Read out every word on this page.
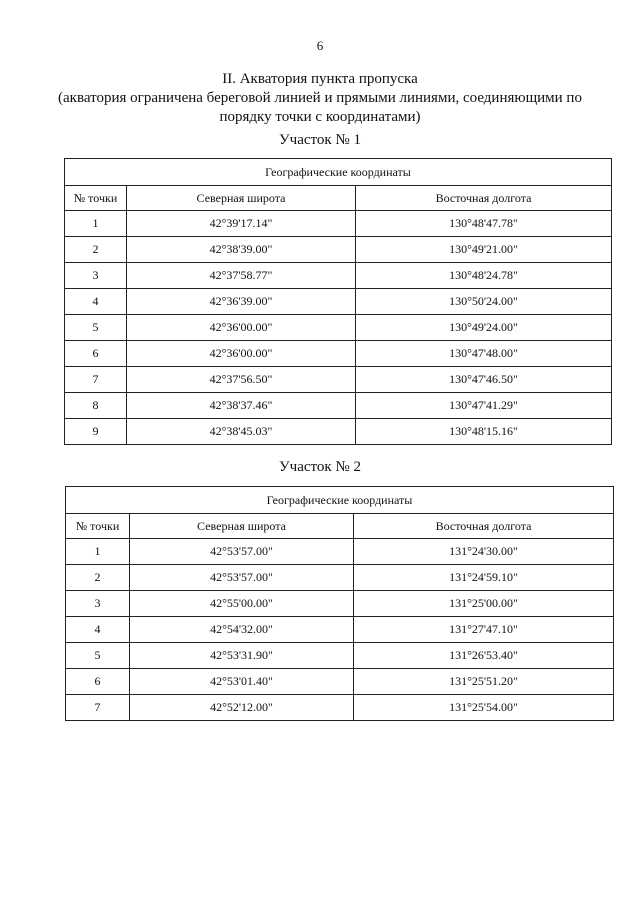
6
II. Акватория пункта пропуска
(акватория ограничена береговой линией и прямыми линиями, соединяющими по
порядку точки с координатами)
Участок № 1
Географические координаты		
№ точки	Северная широта	Восточная долгота
1	42°39'17.14"	130°48'47.78"
2	42°38'39.00"	130°49'21.00"
3	42°37'58.77"	130°48'24.78"
4	42°36'39.00"	130°50'24.00"
5	42°36'00.00"	130°49'24.00"
6	42°36'00.00"	130°47'48.00"
7	42°37'56.50"	130°47'46.50"
8	42°38'37.46"	130°47'41.29"
9	42°38'45.03"	130°48'15.16"
Участок № 2
Географические координаты		
№ точки	Северная широта	Восточная долгота
1	42°53'57.00"	131°24'30.00"
2	42°53'57.00"	131°24'59.10"
3	42°55'00.00"	131°25'00.00"
4	42°54'32.00"	131°27'47.10"
5	42°53'31.90"	131°26'53.40"
6	42°53'01.40"	131°25'51.20"
7	42°52'12.00"	131°25'54.00"
